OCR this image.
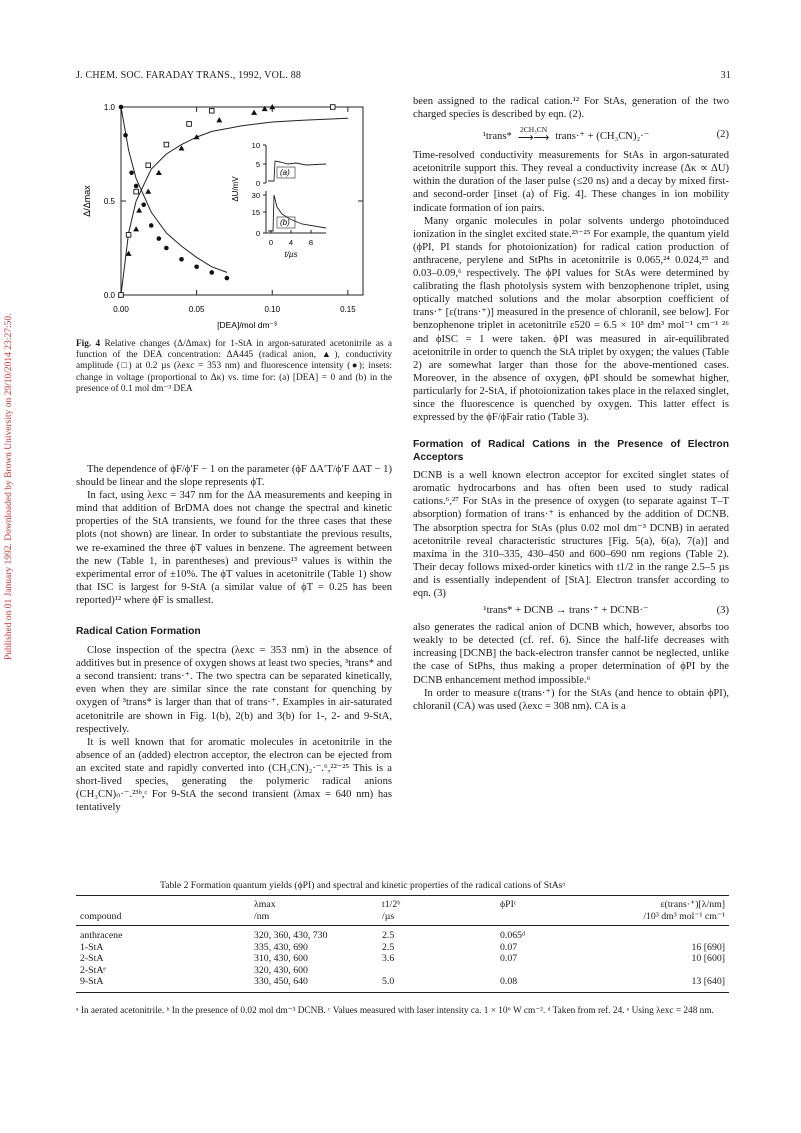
J. CHEM. SOC. FARADAY TRANS., 1992, VOL. 88	31
Published on 01 January 1992. Downloaded by Brown University on 29/10/2014 23:27:50.
1.0
0.5
0.0
0.00	0.05	0.10	0.15
Δ/Δmax
[DEA]/mol dm⁻³
10
5
0
(a)
30
15
0
(b)
0 4 8
t/µs
ΔU/mV
Fig. 4 Relative changes (Δ/Δmax) for 1-StA in argon-saturated acetonitrile as a function of the DEA concentration: ΔA445 (radical anion, ▲), conductivity amplitude (□) at 0.2 µs (λexc = 353 nm) and fluorescence intensity (●); insets: change in voltage (proportional to Δκ) vs. time for: (a) [DEA] = 0 and (b) in the presence of 0.1 mol dm⁻³ DEA

The dependence of ϕF/ϕ′F − 1 on the parameter (ϕF ΔA′T/ϕ′F ΔAT − 1) should be linear and the slope represents ϕT.

In fact, using λexc = 347 nm for the ΔA measurements and keeping in mind that addition of BrDMA does not change the spectral and kinetic properties of the StA transients, we found for the three cases that these plots (not shown) are linear. In order to substantiate the previous results, we re-examined the three ϕT values in benzene. The agreement between the new (Table 1, in parentheses) and previous¹³ values is within the experimental error of ±10%. The ϕT values in acetonitrile (Table 1) show that ISC is largest for 9-StA (a similar value of ϕT = 0.25 has been reported)¹² where ϕF is smallest.

Radical Cation Formation

Close inspection of the spectra (λexc = 353 nm) in the absence of additives but in presence of oxygen shows at least two species, ³trans* and a second transient: trans·⁺. The two spectra can be separated kinetically, even when they are similar since the rate constant for quenching by oxygen of ³trans* is larger than that of trans·⁺. Examples in air-saturated acetonitrile are shown in Fig. 1(b), 2(b) and 3(b) for 1-, 2- and 9-StA, respectively.

It is well known that for aromatic molecules in acetonitrile in the absence of an (added) electron acceptor, the electron can be ejected from an excited state and rapidly converted into (CH₃CN)₂·⁻.⁶,²²⁻²⁵ This is a short-lived species, generating the polymeric radical anions (CH₃CN)ₙ·⁻.²³ᵇ,ᶜ For 9-StA the second transient (λmax = 640 nm) has tentatively

been assigned to the radical cation.¹² For StAs, generation of the two charged species is described by eqn. (2).

¹trans*
2CH₃CN
⟶⟶ trans·⁺ + (CH₃CN)₂·⁻	(2)

Time-resolved conductivity measurements for StAs in argon-saturated acetonitrile support this. They reveal a conductivity increase (Δκ ∝ ΔU) within the duration of the laser pulse (≤20 ns) and a decay by mixed first- and second-order [inset (a) of Fig. 4]. These changes in ion mobility indicate formation of ion pairs.

Many organic molecules in polar solvents undergo photoinduced ionization in the singlet excited state.²³⁻²⁵ For example, the quantum yield (ϕPI, PI stands for photoionization) for radical cation production of anthracene, perylene and StPhs in acetonitrile is 0.065,²⁴ 0.024,²⁵ and 0.03–0.09,⁶ respectively. The ϕPI values for StAs were determined by calibrating the flash photolysis system with benzophenone triplet, using optically matched solutions and the molar absorption coefficient of trans·⁺ [ε(trans·⁺)] measured in the presence of chloranil, see below]. For benzophenone triplet in acetonitrile ε520 = 6.5 × 10³ dm³ mol⁻¹ cm⁻¹ ²⁶ and ϕISC = 1 were taken. ϕPI was measured in air-equilibrated acetonitrile in order to quench the StA triplet by oxygen; the values (Table 2) are somewhat larger than those for the above-mentioned cases. Moreover, in the absence of oxygen, ϕPI should be somewhat higher, particularly for 2-StA, if photoionization takes place in the relaxed singlet, since the fluorescence is quenched by oxygen. This latter effect is expressed by the ϕF/ϕFair ratio (Table 3).

Formation of Radical Cations in the Presence of Electron Acceptors

DCNB is a well known electron acceptor for excited singlet states of aromatic hydrocarbons and has often been used to study radical cations.⁶,²⁷ For StAs in the presence of oxygen (to separate against T–T absorption) formation of trans·⁺ is enhanced by the addition of DCNB. The absorption spectra for StAs (plus 0.02 mol dm⁻³ DCNB) in aerated acetonitrile reveal characteristic structures [Fig. 5(a), 6(a), 7(a)] and maxima in the 310–335, 430–450 and 600–690 nm regions (Table 2). Their decay follows mixed-order kinetics with t1/2 in the range 2.5–5 µs and is essentially independent of [StA]. Electron transfer according to eqn. (3)

¹trans* + DCNB → trans·⁺ + DCNB·⁻	(3)

also generates the radical anion of DCNB which, however, absorbs too weakly to be detected (cf. ref. 6). Since the half-life decreases with increasing [DCNB] the back-electron transfer cannot be neglected, unlike the case of StPhs, thus making a proper determination of ϕPI by the DCNB enhancement method impossible.⁶

In order to measure ε(trans·⁺) for the StAs (and hence to obtain ϕPI), chloranil (CA) was used (λexc = 308 nm). CA is a

Table 2 Formation quantum yields (ϕPI) and spectral and kinetic properties of the radical cations of StAsᵃ
	λmax	t1/2ᵇ	ϕPIᶜ	ε(trans·⁺)[λ/nm]
compound	/nm	/µs		/10³ dm³ mol⁻¹ cm⁻¹
anthracene	320, 360, 430, 730	2.5	0.065ᵈ	
1-StA	335, 430, 690	2.5	0.07	16 [690]
2-StA	310, 430, 600	3.6	0.07	10 [600]
2-StAᵉ	320, 430, 600			
9-StA	330, 450, 640	5.0	0.08	13 [640]
ᵃ In aerated acetonitrile. ᵇ In the presence of 0.02 mol dm⁻³ DCNB. ᶜ Values measured with laser intensity ca. 1 × 10⁶ W cm⁻². ᵈ Taken from ref. 24. ᵉ Using λexc = 248 nm.
